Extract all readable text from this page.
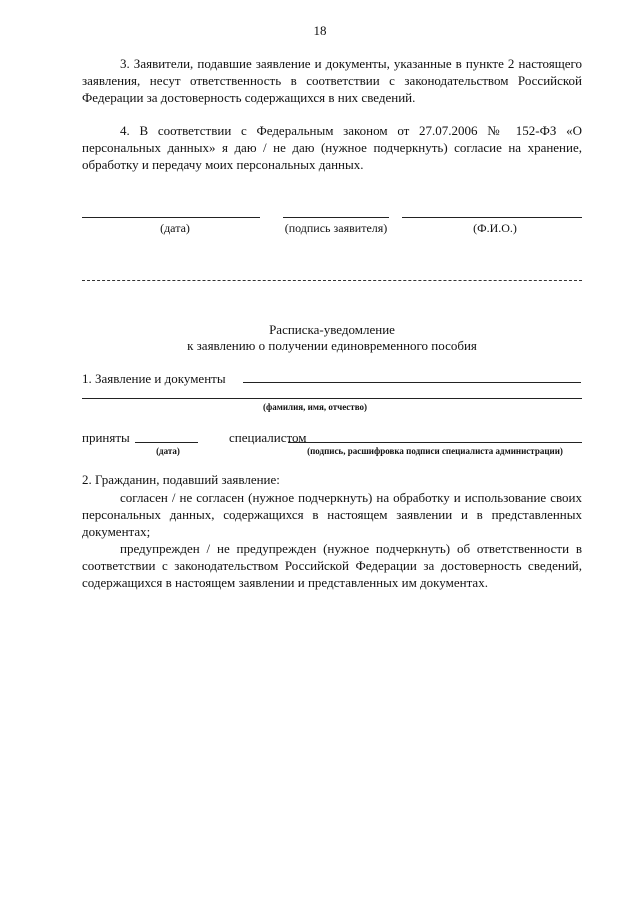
18
3. Заявители, подавшие заявление и документы, указанные в пункте 2 настоящего заявления, несут ответственность в соответствии с законодательством Российской Федерации за достоверность содержащихся в них сведений.
4. В соответствии с Федеральным законом от 27.07.2006 № 152-ФЗ «О персональных данных» я даю / не даю (нужное подчеркнуть) согласие на хранение, обработку и передачу моих персональных данных.
(дата)	(подпись заявителя)	(Ф.И.О.)
Расписка-уведомление
к заявлению о получении единовременного пособия
1. Заявление и документы
(фамилия, имя, отчество)
приняты	специалистом
(дата)	(подпись, расшифровка подписи специалиста администрации)
2. Гражданин, подавший заявление:
согласен / не согласен (нужное подчеркнуть) на обработку и использование своих персональных данных, содержащихся в настоящем заявлении и в представленных документах;
предупрежден / не предупрежден (нужное подчеркнуть) об ответственности в соответствии с законодательством Российской Федерации за достоверность сведений, содержащихся в настоящем заявлении и представленных им документах.
